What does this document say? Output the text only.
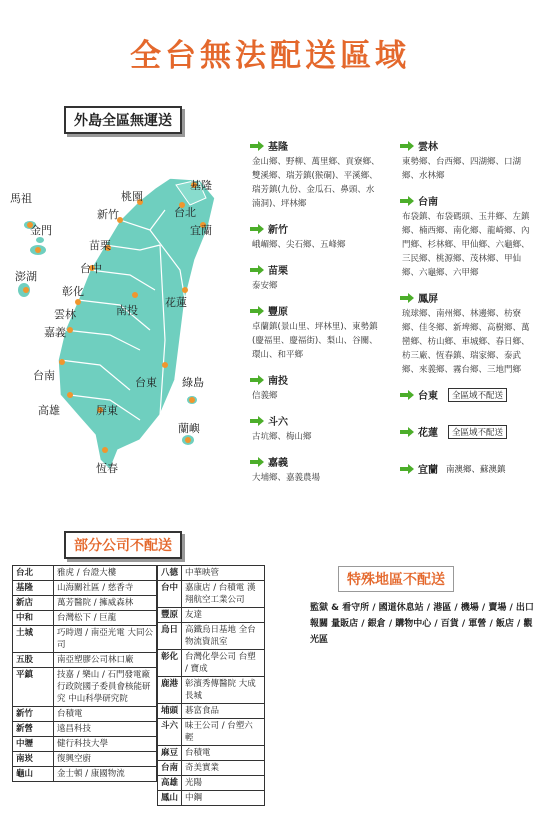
全台無法配送區域
外島全區無運送
基隆
桃園
台北
新竹
宜蘭
馬祖
金門
苗栗
澎湖
台中
彰化
南投
花蓮
雲林
嘉義
台南
台東 綠島
高雄	屏東
蘭嶼
恆春
基隆
金山鄉、野柳、萬里鄉、貢寮鄉、雙溪鄉、瑞芳鎮(猴硐)、平溪鄉、瑞芳鎮(九份、金瓜石、鼻頭、水湳洞)、坪林鄉
新竹
峨嵋鄉、尖石鄉、五峰鄉
苗栗
泰安鄉
豐原
卓蘭鎮(景山里、坪林里)、東勢鎮(慶福里、慶福街)、梨山、谷關、環山、和平鄉
南投
信義鄉
斗六
古坑鄉、梅山鄉
嘉義
大埔鄉、嘉義農場
雲林
東勢鄉、台西鄉、四湖鄉、口湖鄉、水林鄉
台南
布袋鎮、布袋碼頭、玉井鄉、左鎮鄉、楠西鄉、南化鄉、龍崎鄉、內門鄉、杉林鄉、甲仙鄉、六龜鄉、三民鄉、桃源鄉、茂林鄉、甲仙鄉、六龜鄉、六甲鄉
鳳屏
琉球鄉、南州鄉、林邊鄉、枋寮鄉、佳冬鄉、新埤鄉、高樹鄉、萬巒鄉、枋山鄉、車城鄉、春日鄉、枋三廠、恆春鎮、瑞家鄉、泰武鄉、來義鄉、霧台鄉、三地門鄉
台東	全區域不配送
花蓮	全區域不配送
宜蘭 南澳鄉、蘇澳鎮
部分公司不配送
台北	雅虎 / 台證大樓
基隆	山海關社區 / 慈香寺
新店	萬芳醫院 / 擁威森林
中和	台灣松下 / 巨龍
土城	巧時週 / 南亞光電 大同公司
五股	南亞塑膠公司林口廠
平鎮	技嘉 / 樂山 / 石門發電廠 行政院國子委員會核能研究 中山科學研究院
新竹	台積電
新營	遠昌科技
中壢	健行科技大學
南崁	復興空廚
龜山	金士頓 / 康國物流
八德	中華映管
台中	嘉康店 / 台積電 漢翔航空工業公司
豐原	友達
烏日	高鐵烏日基地 全台物流資訊室
彰化	台灣化學公司 台塑 / 寶成
鹿港	彰濱秀傳醫院 大成長城
埔頭	碁富食品
斗六	味王公司 / 台塑六輕
麻豆	台積電
台南	奇美實業
高雄	光陽
鳳山	中鋼
特殊地區不配送
監獄 & 看守所 / 國道休息站 / 港區 / 機場 / 賣場 / 出口報關 量販店 / 銀倉 / 購物中心 / 百貨 / 軍營 / 飯店 / 觀光區
